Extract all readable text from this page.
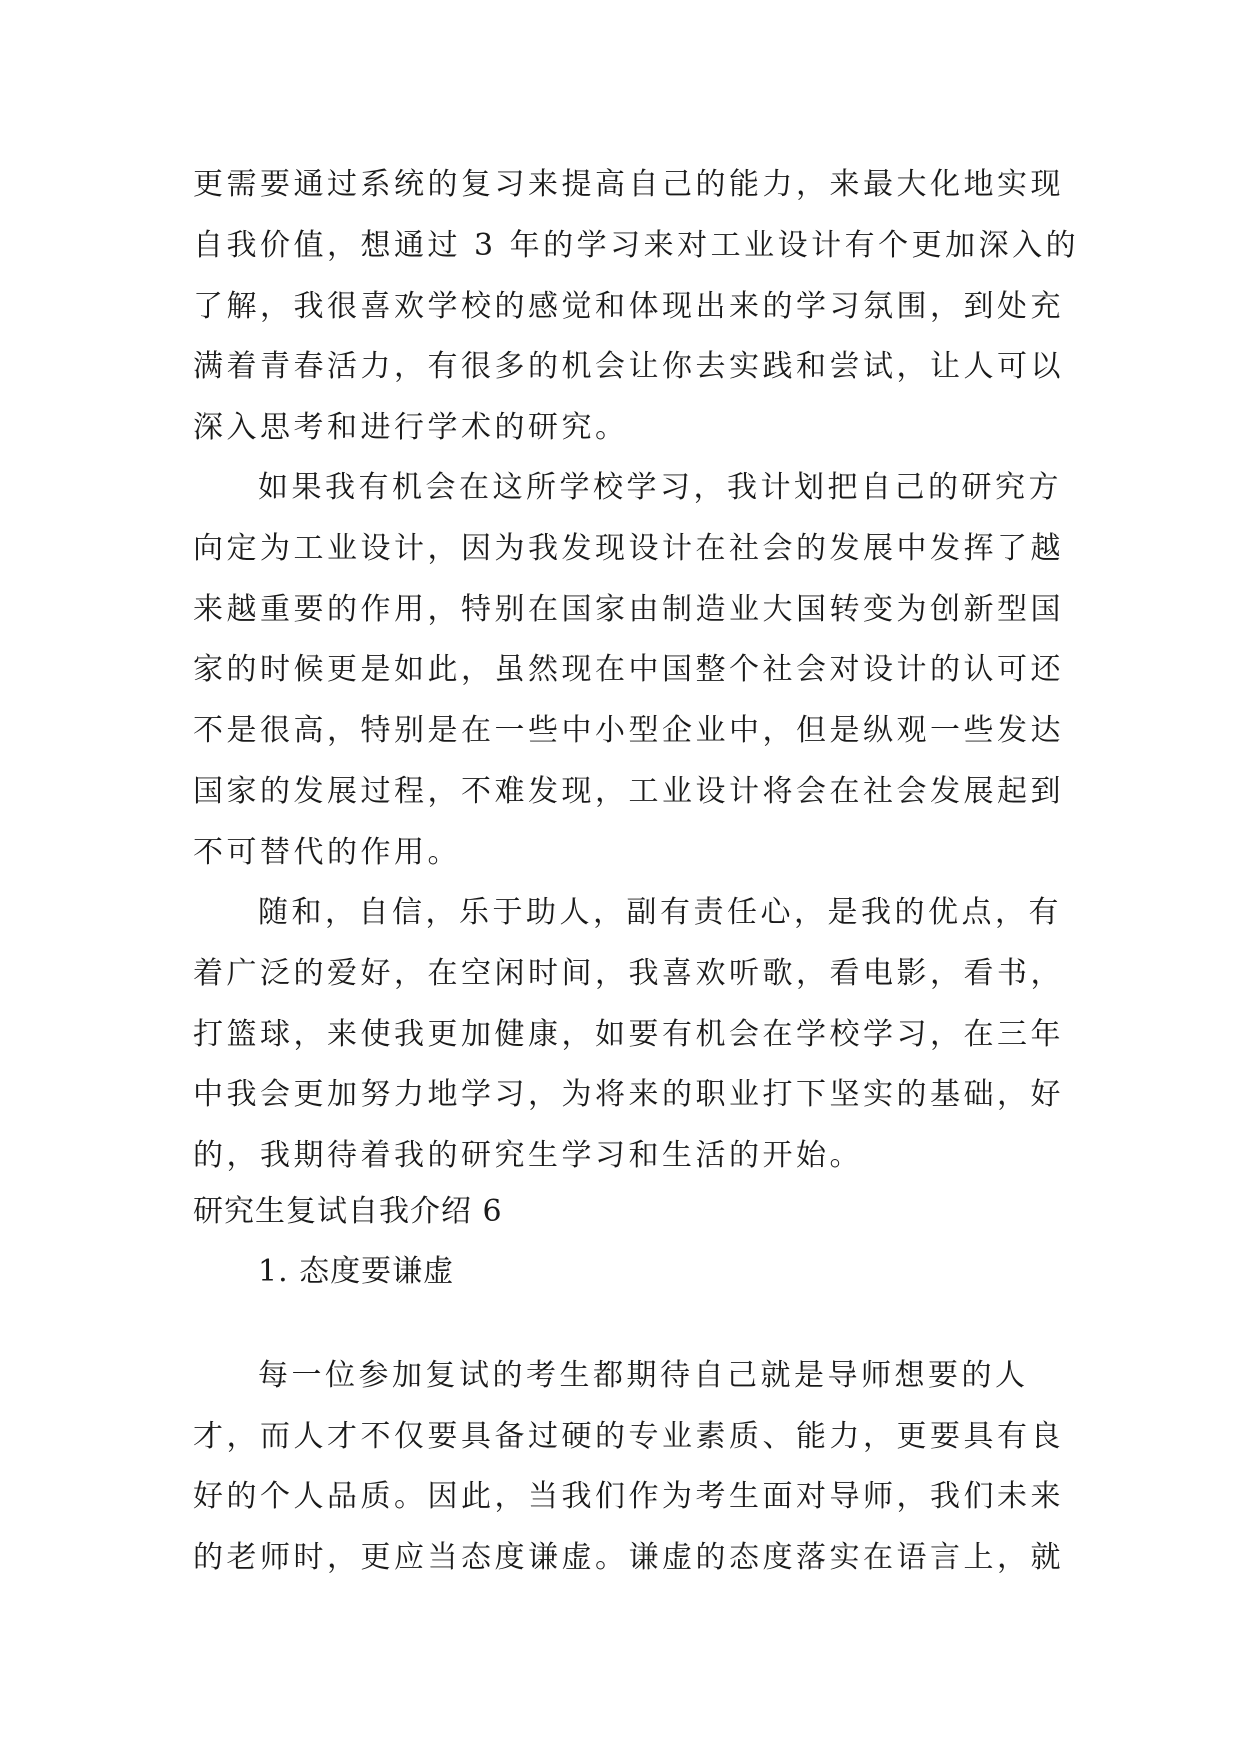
更需要通过系统的复习来提高自己的能力，来最大化地实现
自我价值，想通过 3 年的学习来对工业设计有个更加深入的
了解，我很喜欢学校的感觉和体现出来的学习氛围，到处充
满着青春活力，有很多的机会让你去实践和尝试，让人可以
深入思考和进行学术的研究。
如果我有机会在这所学校学习，我计划把自己的研究方
向定为工业设计，因为我发现设计在社会的发展中发挥了越
来越重要的作用，特别在国家由制造业大国转变为创新型国
家的时候更是如此，虽然现在中国整个社会对设计的认可还
不是很高，特别是在一些中小型企业中，但是纵观一些发达
国家的发展过程，不难发现，工业设计将会在社会发展起到
不可替代的作用。
随和，自信，乐于助人，副有责任心，是我的优点，有
着广泛的爱好，在空闲时间，我喜欢听歌，看电影，看书，
打篮球，来使我更加健康，如要有机会在学校学习，在三年
中我会更加努力地学习，为将来的职业打下坚实的基础，好
的，我期待着我的研究生学习和生活的开始。
研究生复试自我介绍 6
1. 态度要谦虚
每一位参加复试的考生都期待自己就是导师想要的人
才，而人才不仅要具备过硬的专业素质、能力，更要具有良
好的个人品质。因此，当我们作为考生面对导师，我们未来
的老师时，更应当态度谦虚。谦虚的态度落实在语言上，就
